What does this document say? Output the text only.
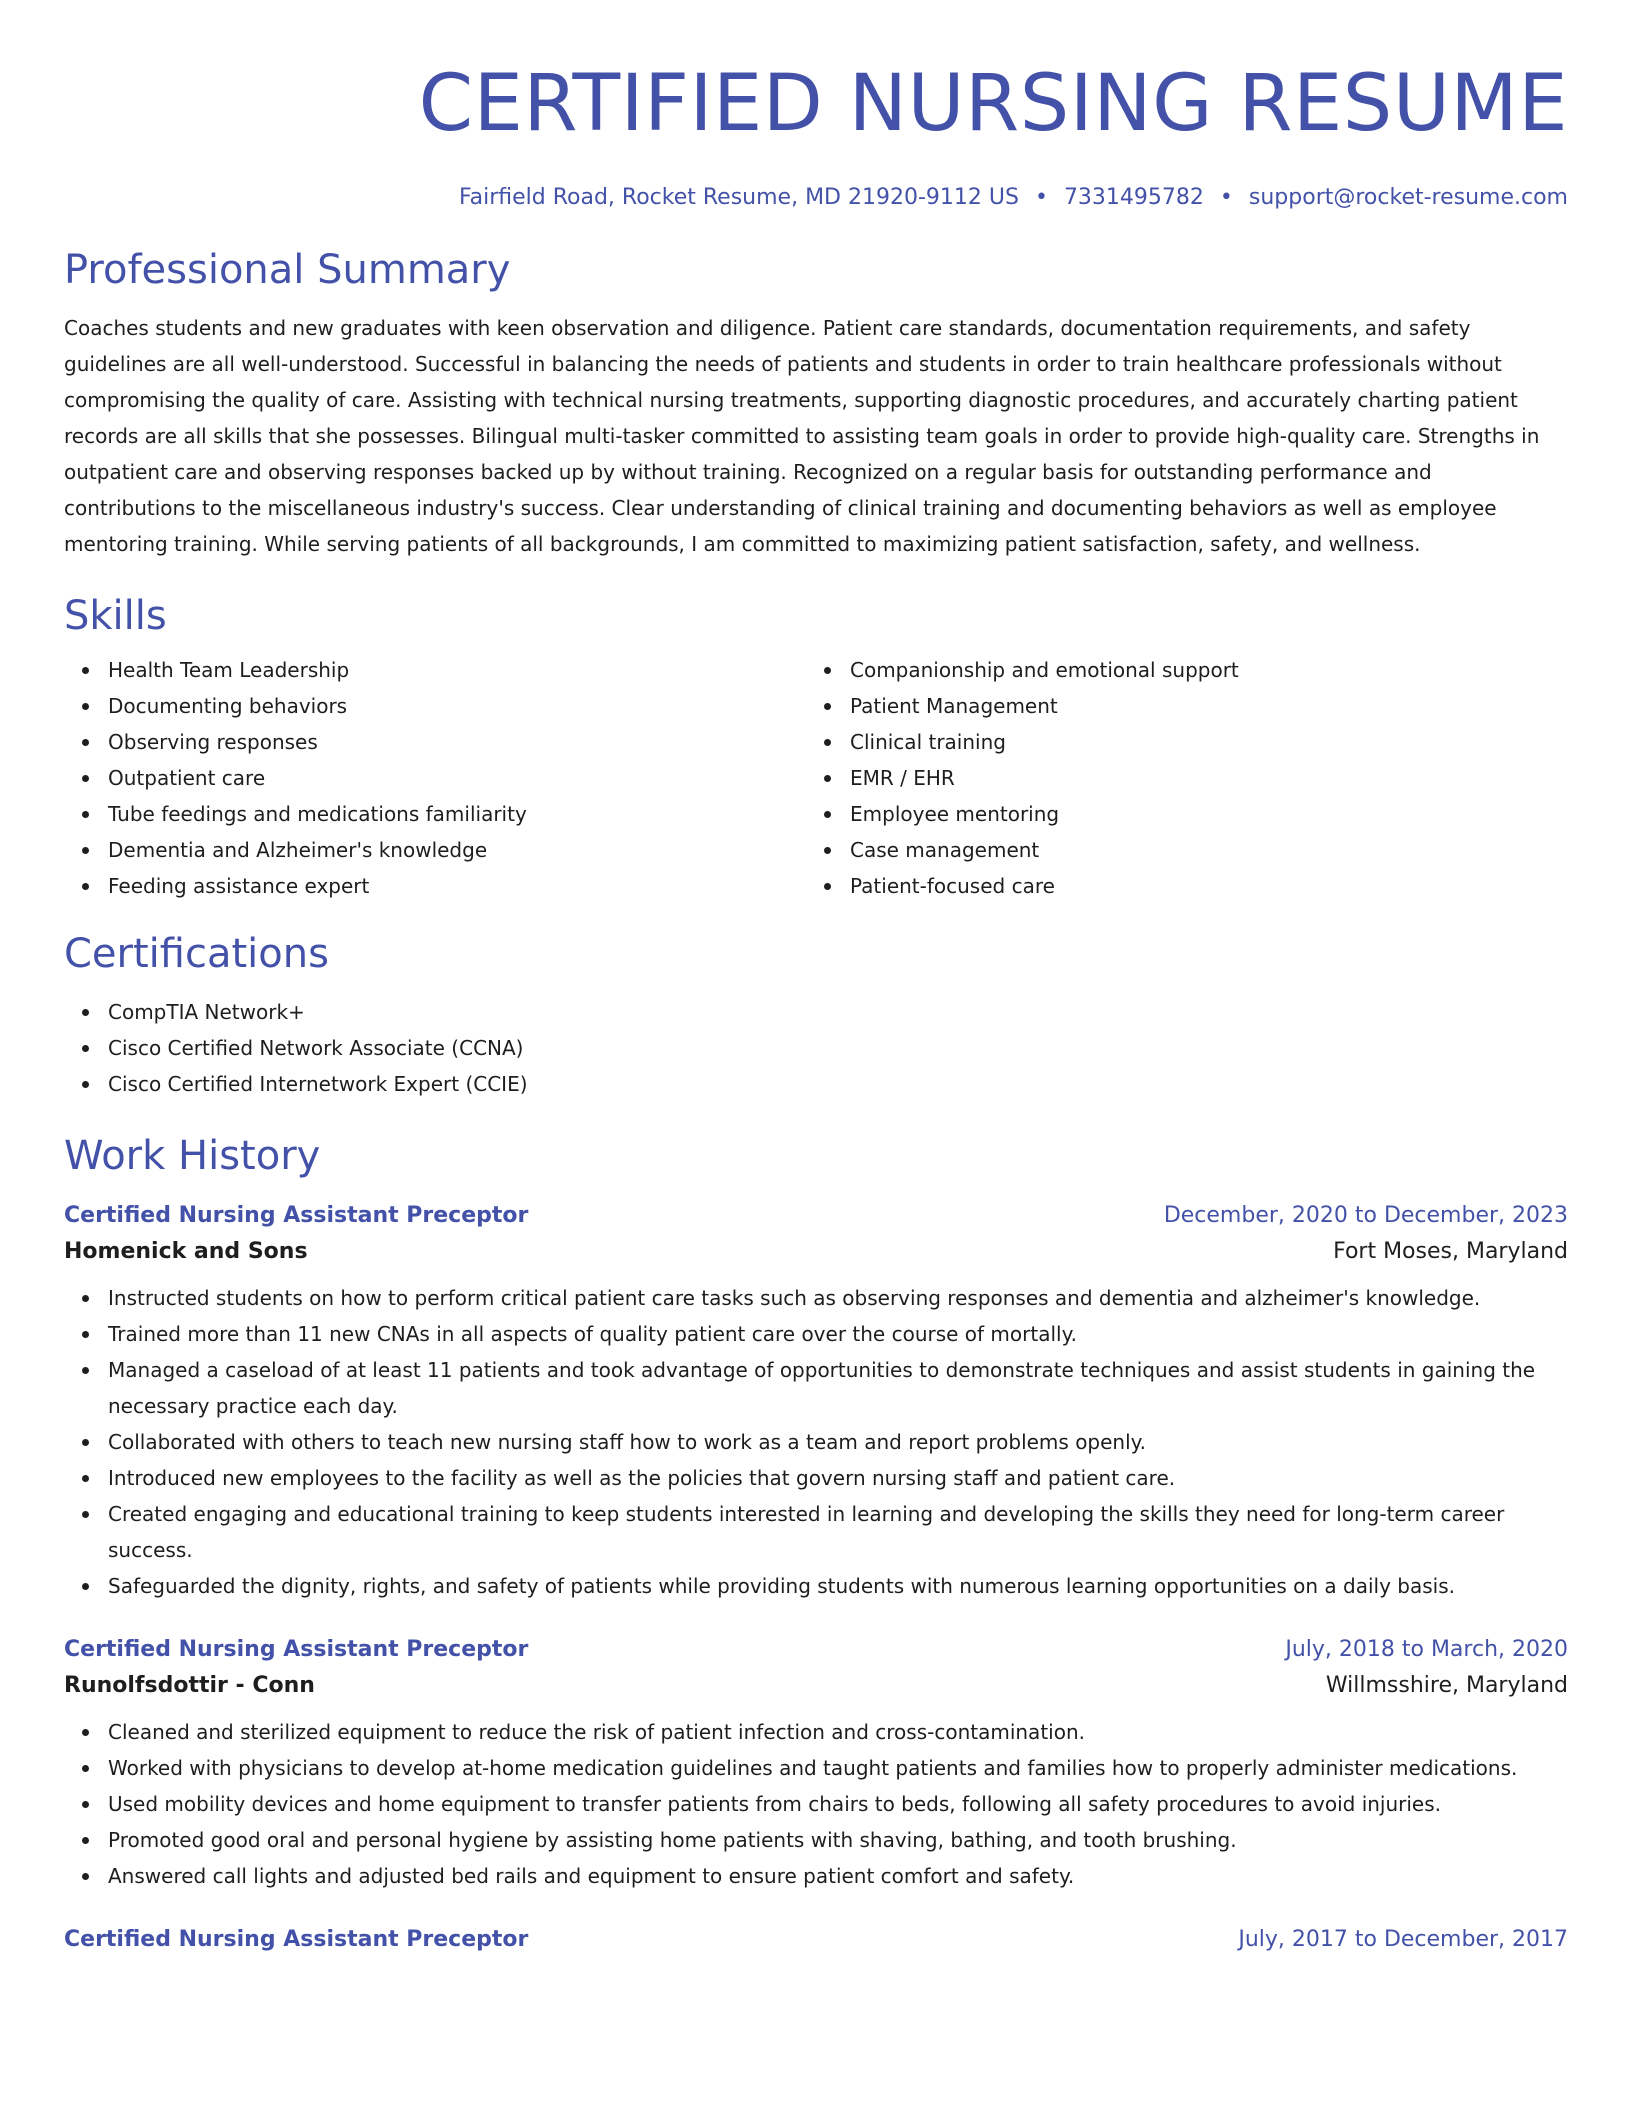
CERTIFIED NURSING RESUME
Fairfield Road, Rocket Resume, MD 21920-9112 US • 7331495782 • support@rocket-resume.com
Professional Summary

Coaches students and new graduates with keen observation and diligence. Patient care standards, documentation requirements, and safety guidelines are all well-understood. Successful in balancing the needs of patients and students in order to train healthcare professionals without compromising the quality of care. Assisting with technical nursing treatments, supporting diagnostic procedures, and accurately charting patient records are all skills that she possesses. Bilingual multi-tasker committed to assisting team goals in order to provide high-quality care. Strengths in outpatient care and observing responses backed up by without training. Recognized on a regular basis for outstanding performance and contributions to the miscellaneous industry's success. Clear understanding of clinical training and documenting behaviors as well as employee mentoring training. While serving patients of all backgrounds, I am committed to maximizing patient satisfaction, safety, and wellness.

Skills
Health Team Leadership
Documenting behaviors
Observing responses
Outpatient care
Tube feedings and medications familiarity
Dementia and Alzheimer's knowledge
Feeding assistance expert
Companionship and emotional support
Patient Management
Clinical training
EMR / EHR
Employee mentoring
Case management
Patient-focused care
Certifications
CompTIA Network+
Cisco Certified Network Associate (CCNA)
Cisco Certified Internetwork Expert (CCIE)
Work History
Certified Nursing Assistant Preceptor	December, 2020 to December, 2023
Homenick and Sons	Fort Moses, Maryland
Instructed students on how to perform critical patient care tasks such as observing responses and dementia and alzheimer's knowledge.
Trained more than 11 new CNAs in all aspects of quality patient care over the course of mortally.
Managed a caseload of at least 11 patients and took advantage of opportunities to demonstrate techniques and assist students in gaining the necessary practice each day.
Collaborated with others to teach new nursing staff how to work as a team and report problems openly.
Introduced new employees to the facility as well as the policies that govern nursing staff and patient care.
Created engaging and educational training to keep students interested in learning and developing the skills they need for long-term career success.
Safeguarded the dignity, rights, and safety of patients while providing students with numerous learning opportunities on a daily basis.
Certified Nursing Assistant Preceptor	July, 2018 to March, 2020
Runolfsdottir - Conn	Willmsshire, Maryland
Cleaned and sterilized equipment to reduce the risk of patient infection and cross-contamination.
Worked with physicians to develop at-home medication guidelines and taught patients and families how to properly administer medications.
Used mobility devices and home equipment to transfer patients from chairs to beds, following all safety procedures to avoid injuries.
Promoted good oral and personal hygiene by assisting home patients with shaving, bathing, and tooth brushing.
Answered call lights and adjusted bed rails and equipment to ensure patient comfort and safety.
Certified Nursing Assistant Preceptor	July, 2017 to December, 2017
